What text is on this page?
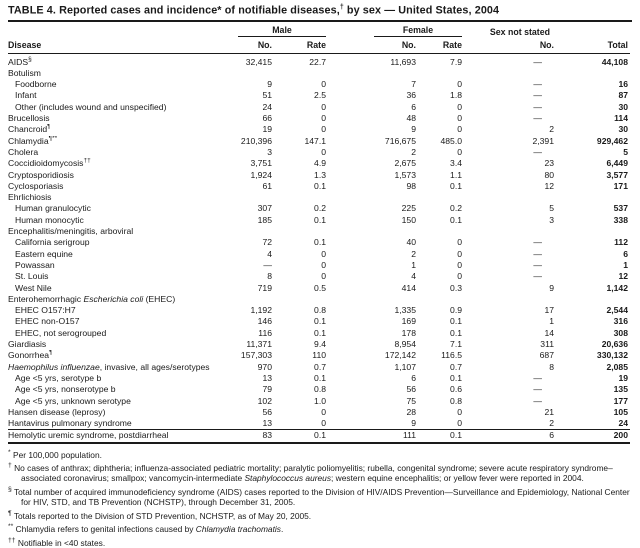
TABLE 4. Reported cases and incidence* of notifiable diseases,† by sex — United States, 2004

	Male		Female		Sex not stated	
Disease	No.	Rate	No.	Rate	No.	Total
AIDS§	32,415	22.7	11,693	7.9	—	44,108
Botulism						
Foodborne	9	0	7	0	—	16
Infant	51	2.5	36	1.8	—	87
Other (includes wound and unspecified)	24	0	6	0	—	30
Brucellosis	66	0	48	0	—	114
Chancroid¶	19	0	9	0	2	30
Chlamydia¶**	210,396	147.1	716,675	485.0	2,391	929,462
Cholera	3	0	2	0	—	5
Coccidioidomycosis††	3,751	4.9	2,675	3.4	23	6,449
Cryptosporidiosis	1,924	1.3	1,573	1.1	80	3,577
Cyclosporiasis	61	0.1	98	0.1	12	171
Ehrlichiosis						
Human granulocytic	307	0.2	225	0.2	5	537
Human monocytic	185	0.1	150	0.1	3	338
Encephalitis/meningitis, arboviral						
California serigroup	72	0.1	40	0	—	112
Eastern equine	4	0	2	0	—	6
Powassan	—	0	1	0	—	1
St. Louis	8	0	4	0	—	12
West Nile	719	0.5	414	0.3	9	1,142
Enterohemorrhagic Escherichia coli (EHEC)						
EHEC O157:H7	1,192	0.8	1,335	0.9	17	2,544
EHEC non-O157	146	0.1	169	0.1	1	316
EHEC, not serogrouped	116	0.1	178	0.1	14	308
Giardiasis	11,371	9.4	8,954	7.1	311	20,636
Gonorrhea¶	157,303	110	172,142	116.5	687	330,132
Haemophilus influenzae, invasive, all ages/serotypes	970	0.7	1,107	0.7	8	2,085
Age <5 yrs, serotype b	13	0.1	6	0.1	—	19
Age <5 yrs, nonserotype b	79	0.8	56	0.6	—	135
Age <5 yrs, unknown serotype	102	1.0	75	0.8	—	177
Hansen disease (leprosy)	56	0	28	0	21	105
Hantavirus pulmonary syndrome	13	0	9	0	2	24
Hemolytic uremic syndrome, postdiarrheal	83	0.1	111	0.1	6	200
* Per 100,000 population.
† No cases of anthrax; diphtheria; influenza-associated pediatric mortality; paralytic poliomyelitis; rubella, congenital syndrome; severe acute respiratory syndrome–associated coronavirus; smallpox; vancomycin-intermediate Staphylococcus aureus; western equine encephalitis; or yellow fever were reported in 2004.
§ Total number of acquired immunodeficiency syndrome (AIDS) cases reported to the Division of HIV/AIDS Prevention—Surveillance and Epidemiology, National Center for HIV, STD, and TB Prevention (NCHSTP), through December 31, 2005.
¶ Totals reported to the Division of STD Prevention, NCHSTP, as of May 20, 2005.
** Chlamydia refers to genital infections caused by Chlamydia trachomatis.
†† Notifiable in <40 states.
